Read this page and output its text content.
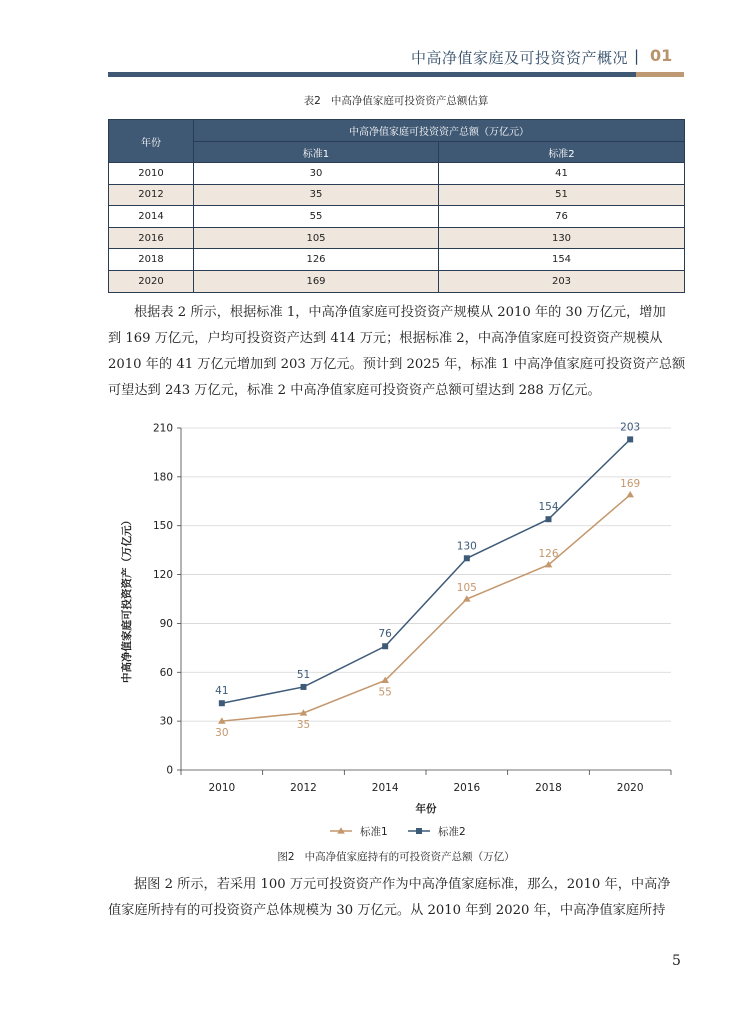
中高净值家庭及可投资资产概况 | 01
表2   中高净值家庭可投资资产总额估算
年份	中高净值家庭可投资资产总额（万亿元）	
	标准1	标准2
2010	30	41
2012	35	51
2014	55	76
2016	105	130
2018	126	154
2020	169	203
根据表 2 所示，根据标准 1，中高净值家庭可投资资产规模从 2010 年的 30 万亿元，增加
到 169 万亿元，户均可投资资产达到 414 万元；根据标准 2，中高净值家庭可投资资产规模从
2010 年的 41 万亿元增加到 203 万亿元。预计到 2025 年，标准 1 中高净值家庭可投资资产总额
可望达到 243 万亿元，标准 2 中高净值家庭可投资资产总额可望达到 288 万亿元。
0
30
60
90
120
150
180
210
2010	2012	2014	2016	2018	2020
年份
中高净值家庭可投资资产（万亿元）
30
35
55
105
126
169
41
51
76
130
154
203
标准1	标准2
图2   中高净值家庭持有的可投资资产总额（万亿）
据图 2 所示，若采用 100 万元可投资资产作为中高净值家庭标准，那么，2010 年，中高净
值家庭所持有的可投资资产总体规模为 30 万亿元。从 2010 年到 2020 年，中高净值家庭所持
5
